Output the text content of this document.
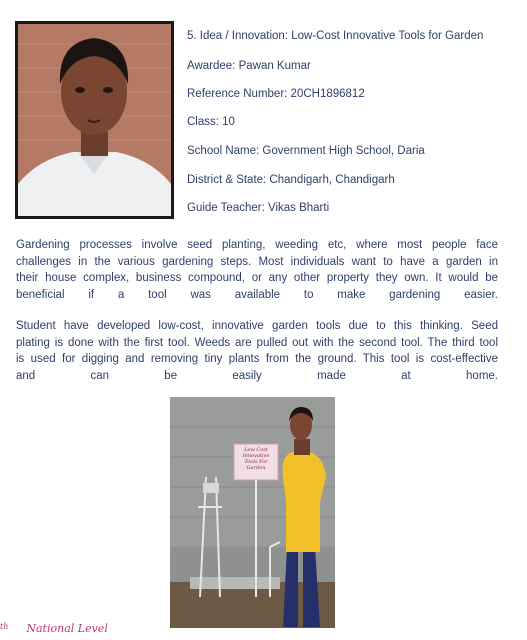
5. Idea / Innovation: Low-Cost Innovative Tools for Garden
Awardee: Pawan Kumar
Reference Number: 20CH1896812
Class: 10
School Name: Government High School, Daria
District & State: Chandigarh, Chandigarh
Guide Teacher: Vikas Bharti
Gardening processes involve seed planting, weeding etc, where most people face
challenges in the various gardening steps. Most individuals want to have a garden in
their house complex, business compound, or any other property they own. It would be
beneficial if a tool was available to make gardening easier.
Student have developed low-cost, innovative garden tools due to this thinking. Seed
plating is done with the first tool. Weeds are pulled out with the second tool. The third tool
is used for digging and removing tiny plants from the ground. This tool is cost-effective
and can be easily made at home.
Low Cost
Innovative
Tools For
Garden
$^{th}$ National Level
